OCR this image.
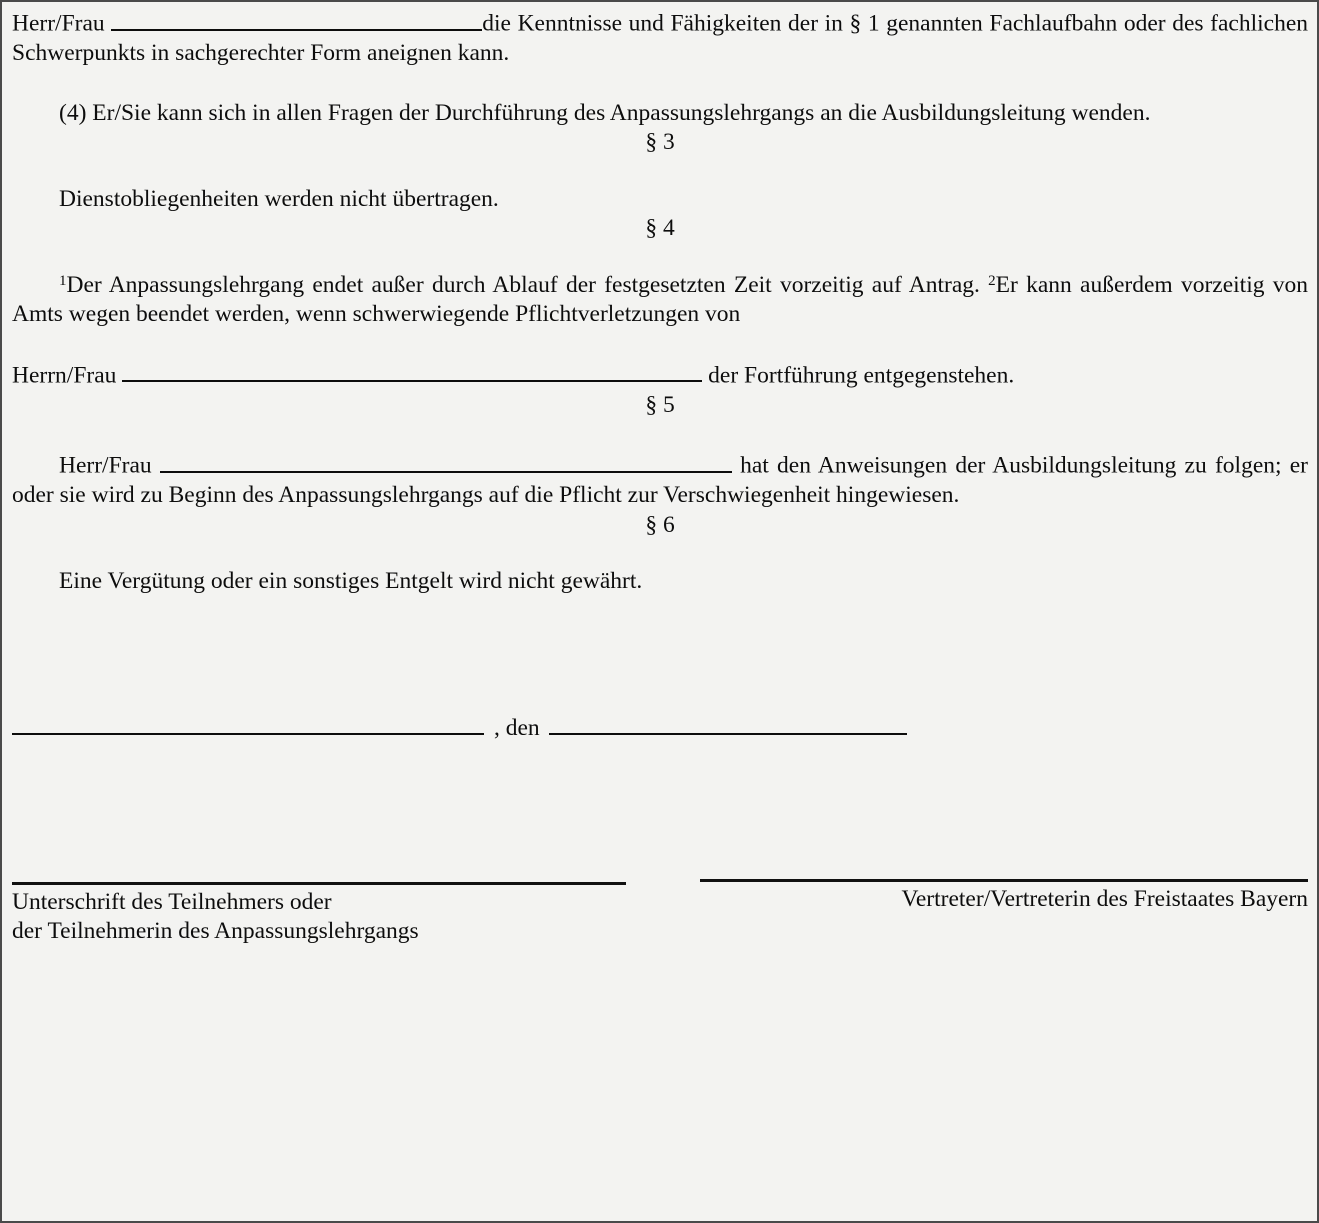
Herr/Frau	die Kenntnisse und Fähigkeiten der in § 1 genannten Fachlaufbahn oder des fachlichen Schwerpunkts in sachgerechter Form aneignen kann.

(4) Er/Sie kann sich in allen Fragen der Durchführung des Anpassungslehrgangs an die Ausbildungsleitung wenden.

§ 3

Dienstobliegenheiten werden nicht übertragen.

§ 4

$^1$Der Anpassungslehrgang endet außer durch Ablauf der festgesetzten Zeit vorzeitig auf Antrag. $^2$Er kann außerdem vorzeitig von Amts wegen beendet werden, wenn schwerwiegende Pflichtverletzungen von

Herrn/Frau	der Fortführung entgegenstehen.

§ 5

Herr/Frau	hat den Anweisungen der Ausbildungsleitung zu folgen; er oder sie wird zu Beginn des Anpassungslehrgangs auf die Pflicht zur Verschwiegenheit hingewiesen.

§ 6

Eine Vergütung oder ein sonstiges Entgelt wird nicht gewährt.

, den
Unterschrift des Teilnehmers oder
der Teilnehmerin des Anpassungslehrgangs
Vertreter/Vertreterin des Freistaates Bayern
